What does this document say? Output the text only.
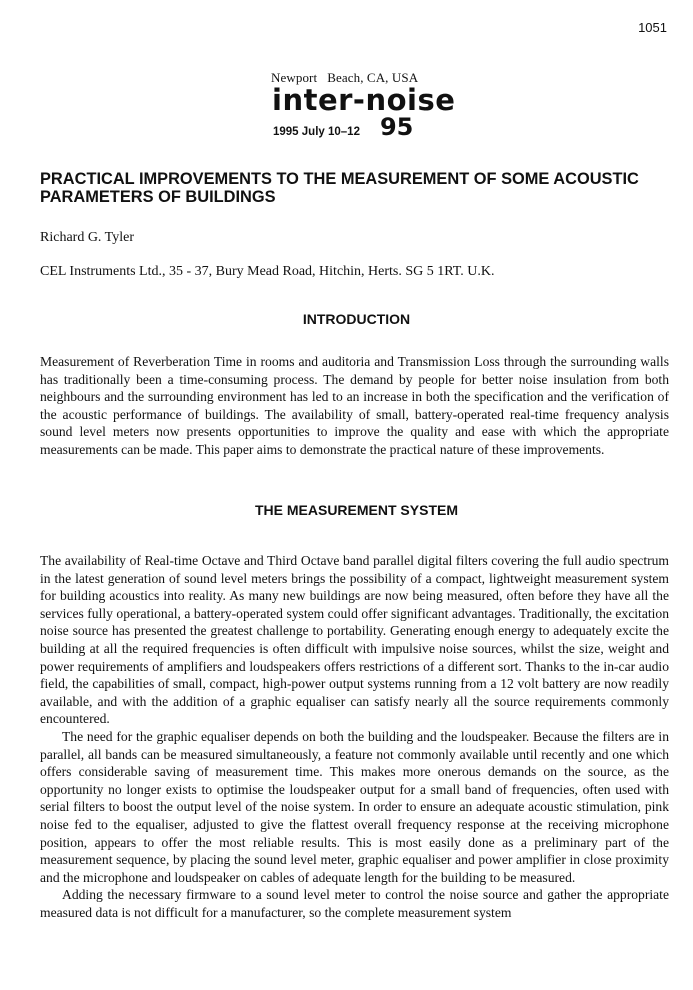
1051
Newport   Beach, CA, USA
inter-noise
1995 July 10–12 95
PRACTICAL IMPROVEMENTS TO THE MEASUREMENT OF SOME ACOUSTIC PARAMETERS OF BUILDINGS
Richard G. Tyler
CEL Instruments Ltd., 35 - 37, Bury Mead Road, Hitchin, Herts. SG 5 1RT. U.K.
INTRODUCTION

Measurement of Reverberation Time in rooms and auditoria and Transmission Loss through the surrounding walls has traditionally been a time-consuming process. The demand by people for better noise insulation from both neighbours and the surrounding environment has led to an increase in both the specification and the verification of the acoustic performance of buildings. The availability of small, battery-operated real-time frequency analysis sound level meters now presents opportunities to improve the quality and ease with which the appropriate measurements can be made. This paper aims to demonstrate the practical nature of these improvements.

THE MEASUREMENT SYSTEM

The availability of Real-time Octave and Third Octave band parallel digital filters covering the full audio spectrum in the latest generation of sound level meters brings the possibility of a compact, lightweight measurement system for building acoustics into reality. As many new buildings are now being measured, often before they have all the services fully operational, a battery-operated system could offer significant advantages. Traditionally, the excitation noise source has presented the greatest challenge to portability. Generating enough energy to adequately excite the building at all the required frequencies is often difficult with impulsive noise sources, whilst the size, weight and power requirements of amplifiers and loudspeakers offers restrictions of a different sort. Thanks to the in-car audio field, the capabilities of small, compact, high-power output systems running from a 12 volt battery are now readily available, and with the addition of a graphic equaliser can satisfy nearly all the source requirements commonly encountered.

The need for the graphic equaliser depends on both the building and the loudspeaker. Because the filters are in parallel, all bands can be measured simultaneously, a feature not commonly available until recently and one which offers considerable saving of measurement time. This makes more onerous demands on the source, as the opportunity no longer exists to optimise the loudspeaker output for a small band of frequencies, often used with serial filters to boost the output level of the noise system. In order to ensure an adequate acoustic stimulation, pink noise fed to the equaliser, adjusted to give the flattest overall frequency response at the receiving microphone position, appears to offer the most reliable results. This is most easily done as a preliminary part of the measurement sequence, by placing the sound level meter, graphic equaliser and power amplifier in close proximity and the microphone and loudspeaker on cables of adequate length for the building to be measured.

Adding the necessary firmware to a sound level meter to control the noise source and gather the appropriate measured data is not difficult for a manufacturer, so the complete measurement system
